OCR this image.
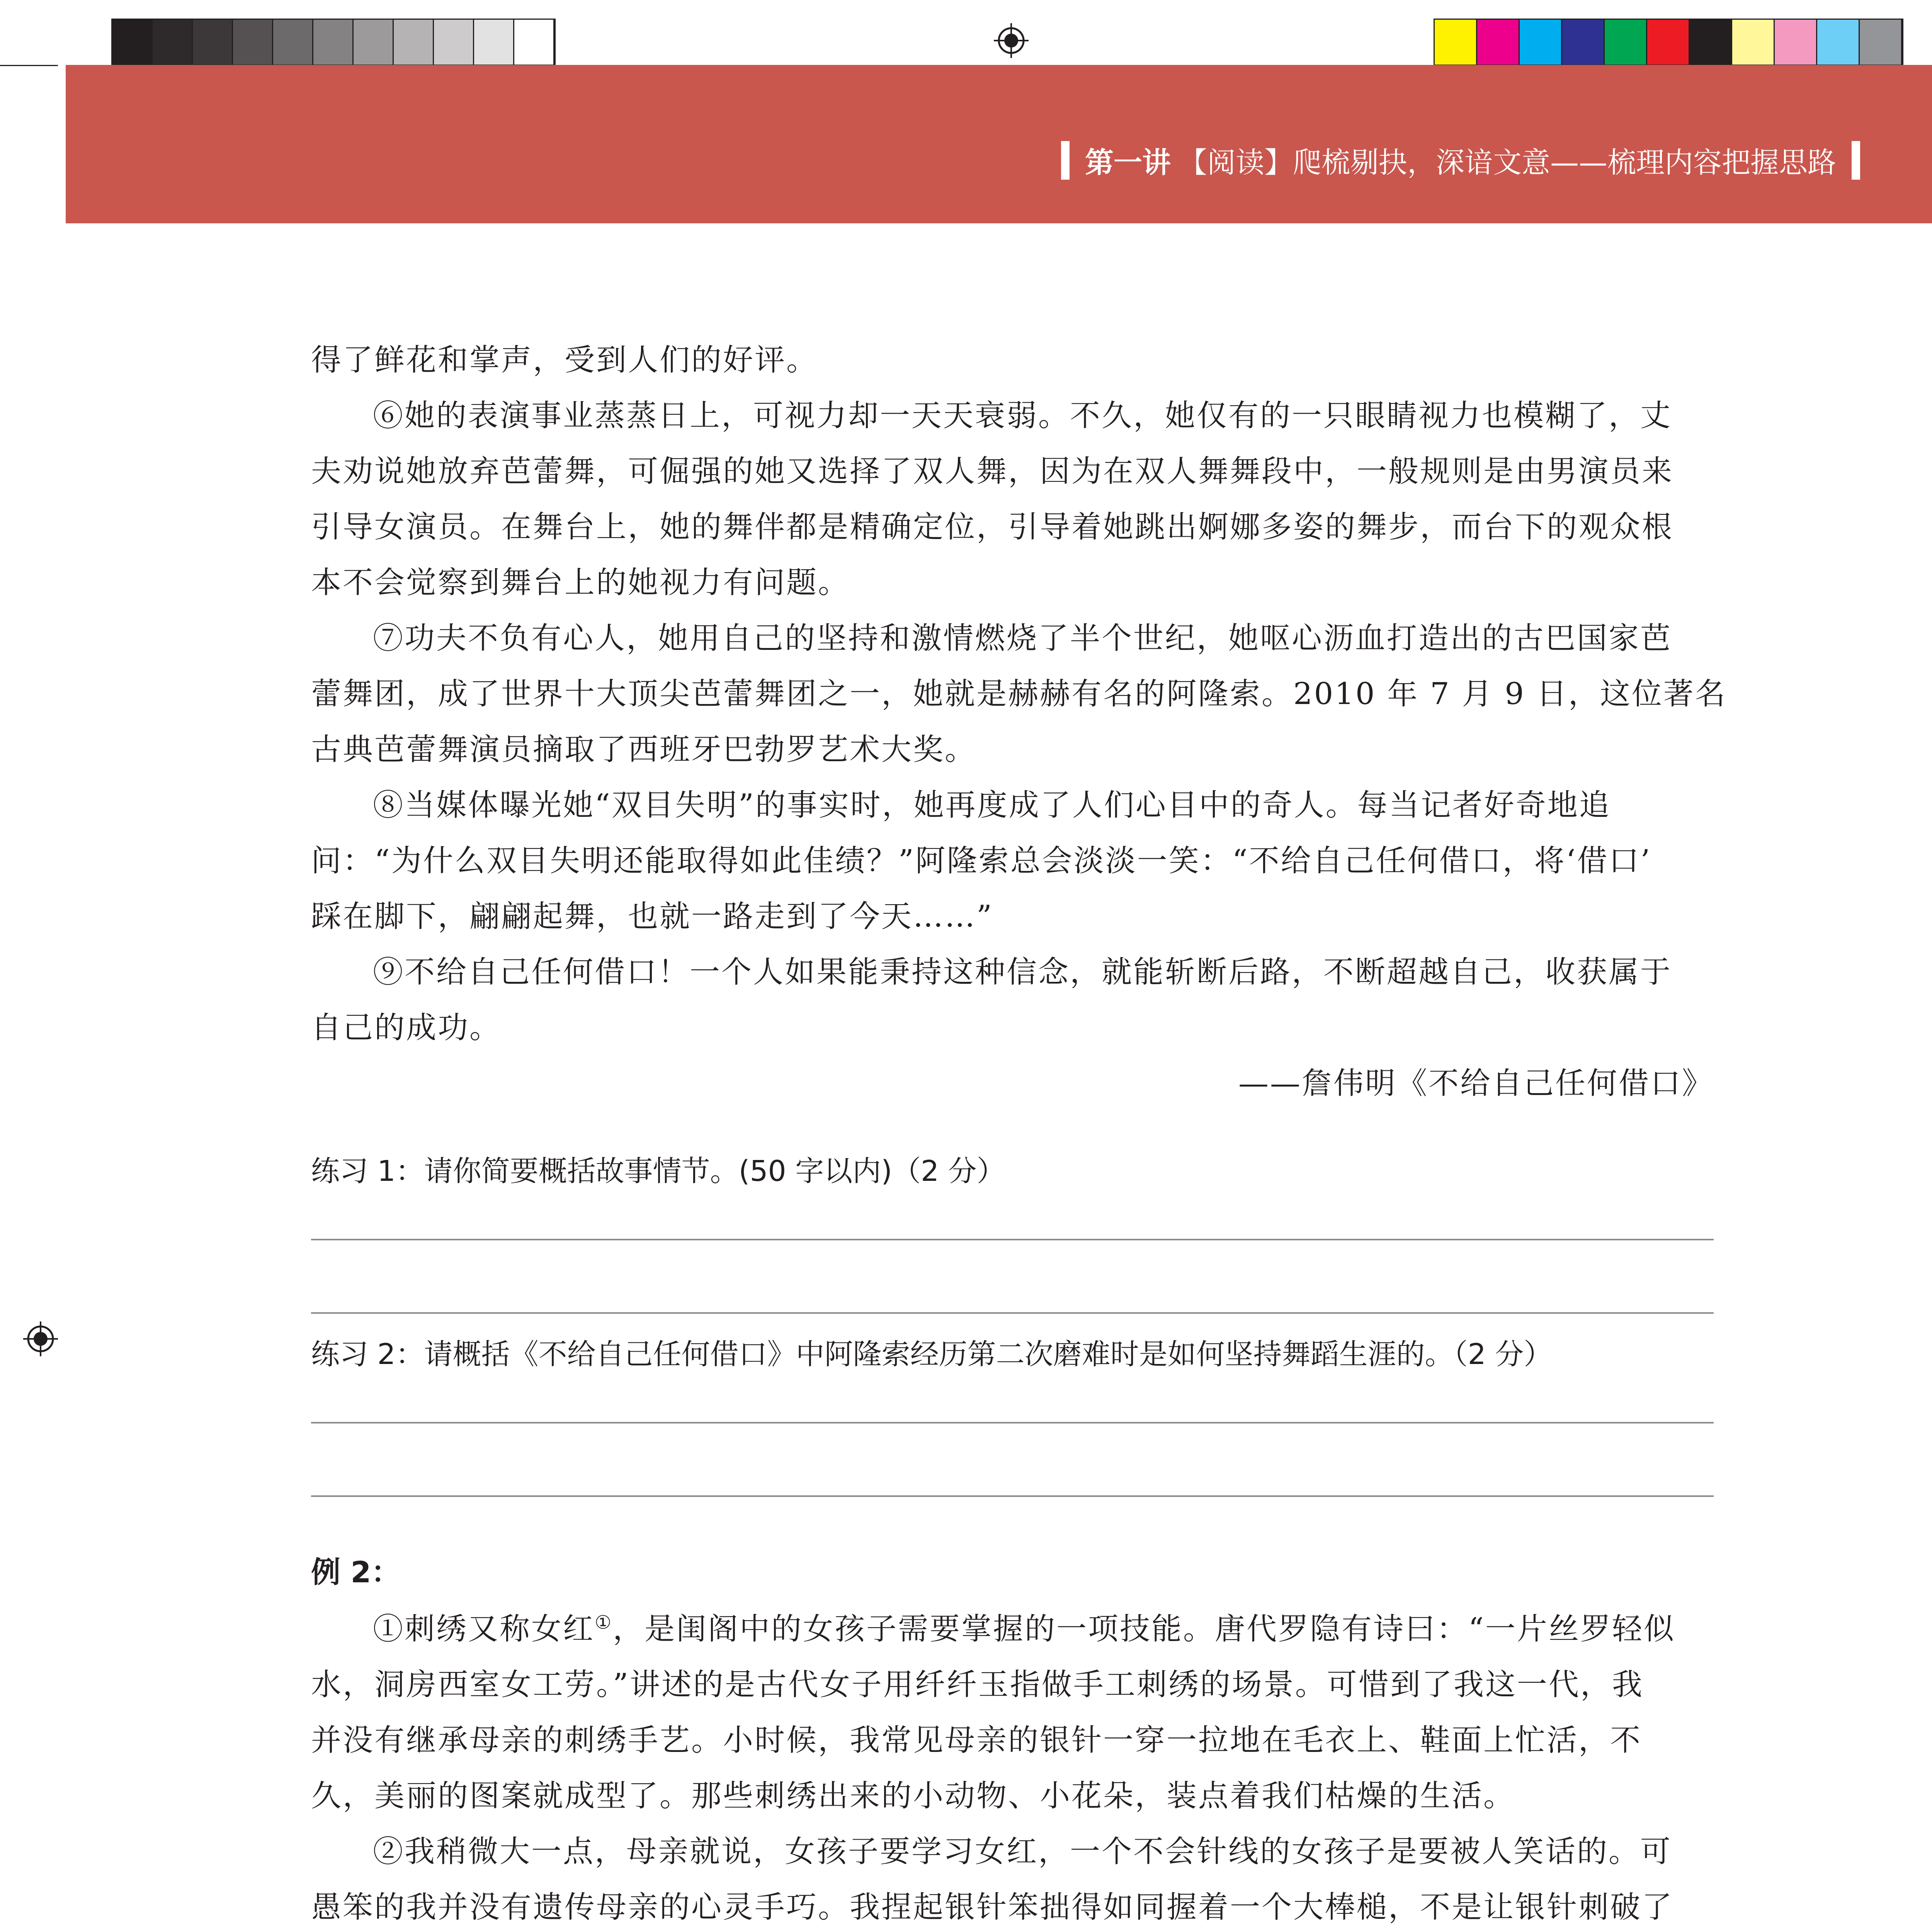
第一讲 【阅读】爬梳剔抉，深谙文意——梳理内容把握思路
得了鲜花和掌声，受到人们的好评。
⑥她的表演事业蒸蒸日上，可视力却一天天衰弱。不久，她仅有的一只眼睛视力也模糊了，丈
夫劝说她放弃芭蕾舞，可倔强的她又选择了双人舞，因为在双人舞舞段中，一般规则是由男演员来
引导女演员。在舞台上，她的舞伴都是精确定位，引导着她跳出婀娜多姿的舞步，而台下的观众根
本不会觉察到舞台上的她视力有问题。
⑦功夫不负有心人，她用自己的坚持和激情燃烧了半个世纪，她呕心沥血打造出的古巴国家芭
蕾舞团，成了世界十大顶尖芭蕾舞团之一，她就是赫赫有名的阿隆索。2010 年 7 月 9 日，这位著名
古典芭蕾舞演员摘取了西班牙巴勃罗艺术大奖。
⑧当媒体曝光她“双目失明”的事实时，她再度成了人们心目中的奇人。每当记者好奇地追
问：“为什么双目失明还能取得如此佳绩？”阿隆索总会淡淡一笑：“不给自己任何借口，将‘借口’
踩在脚下，翩翩起舞，也就一路走到了今天……”
⑨不给自己任何借口！一个人如果能秉持这种信念，就能斩断后路，不断超越自己，收获属于
自己的成功。
——詹伟明《不给自己任何借口》
练习 1：请你简要概括故事情节。(50 字以内)（2 分）
练习 2：请概括《不给自己任何借口》中阿隆索经历第二次磨难时是如何坚持舞蹈生涯的。（2 分）
例 2：
①刺绣又称女红①，是闺阁中的女孩子需要掌握的一项技能。唐代罗隐有诗曰：“一片丝罗轻似
水，洞房西室女工劳。”讲述的是古代女子用纤纤玉指做手工刺绣的场景。可惜到了我这一代，我
并没有继承母亲的刺绣手艺。小时候，我常见母亲的银针一穿一拉地在毛衣上、鞋面上忙活，不
久，美丽的图案就成型了。那些刺绣出来的小动物、小花朵，装点着我们枯燥的生活。
②我稍微大一点，母亲就说，女孩子要学习女红，一个不会针线的女孩子是要被人笑话的。可
愚笨的我并没有遗传母亲的心灵手巧。我捏起银针笨拙得如同握着一个大棒槌，不是让银针刺破了
